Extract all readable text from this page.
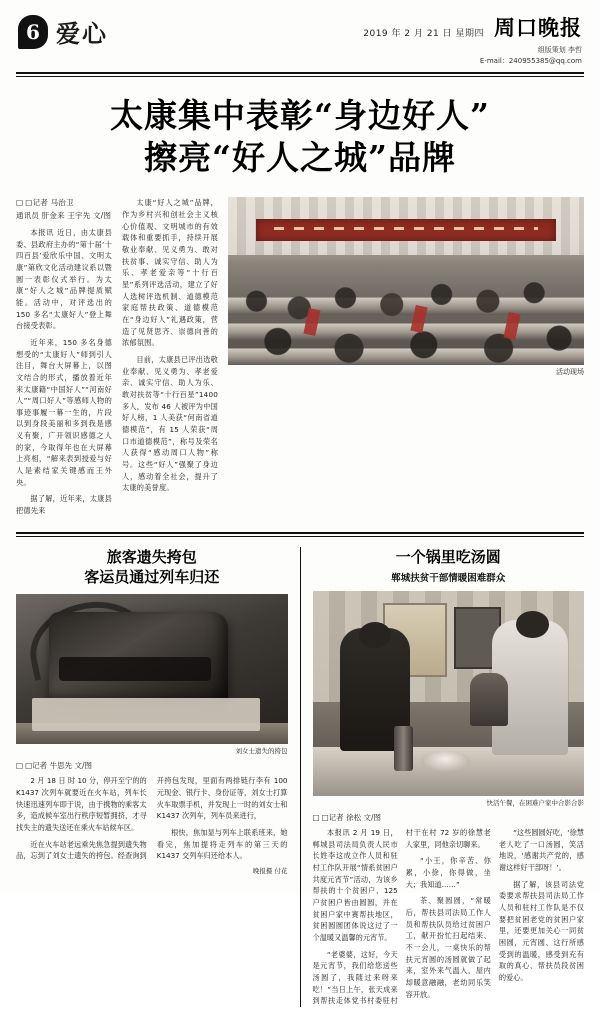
6 爱心	2019 年 2 月 21 日 星期四 周口晚报
组版策划 李哲
E-mail：240955385@qq.com
太康集中表彰“身边好人”
擦亮“好人之城”品牌
□ □记者 马治卫
通讯员 肝金来 王宇先 文/图

本报讯 近日，由太康县委、县政府主办的“第十届‘十四百县’爱欣乐中国、文明太康”第欣文化活动建议系以暨圆一表彰仪式举行。为太康“好人之城”品牌提质赋能。活动中，对评选出的 150 多名“太康好人”登上舞台接受表彰。

近年来，150 多名身德想受的“太康好人”师到引人注目，舞台大屏幕上，以图文结合的形式，播放着近年来太康籍“中国好人”“河南好人”“周口好人”等感师人物的事迹事履一幕一生的，片段以到身段美丽和多到我是感义有聚，广开领识感德之人的家，今取得年也在大屏幕上亮相，“解来表到授爱与好人是素结家关键感而王外央。

据了解，近年来，太康县把德先来

太康“好人之城”品牌，作为乡村兴和创社会主义核心价值观、文明城市的有效载体和重要抓手，持续开展敬业奉献、见义勇为、敢对扶贫事、诚实守信、助人为乐、孝老爱亲等“十行百星”系列评选活动，建立了好人选树评选机制、道德模范家庭帮扶政策、道德模范在“身边好人”礼遇政策，营造了见贤思齐、崇德向善的浓郁氛围。

目前，太康县已评出选敬业奉献、见义勇为、孝老爱亲、诚实守信、助人为乐、敢对扶贫等“十行百星”1400 多人，发布 46 人被评为中国好人榜，1 人美获“何南省道德模范”，有 15 人荣获“周口市道德模范”，称号及荣名人获得“感动周口人物”称号。这些“好人”强聚了身边人，感动着全社会，提升了太康的美誉度。

活动现场
旅客遗失挎包
客运员通过列车归还
刘女士遗失的挎包
□ □记者 牛思先 文/图

2 月 18 日 时 10 分，停开至宁的的 K1437 次列车就要近在火车站，列车长快速迅速列车即于说，由于携物的乘客太多，造成候车室出行秩序短暂拥挤，才寻找失主的遗失送还在乘火车站候车区。

近在火车站老远乘先焦急提到遗失物品，忘到了刘女士遗失的挎包。经查询到开挎包发现，里面有两排链行李有 100 元现金、银行卡、身份证等，刘女士打算火车取票手机，并发现上一时的刘女士和 K1437 次列车，列车员来进行，

根快，焦加显与列车上联系班来，她看完，焦加提将走列车的第三天的 K1437 交列车归还给本人。

晚报摄 付花
一个锅里吃汤圆
郸城扶贫干部情暖困难群众
快活午餐，在困难户家中合影合影
□ □记者 徐松 文/图

本报讯 2 月 19 日，郸城县司法局负责人民市长姓李这成立作人员和驻村工作队开展“情系贫困户共度元宵节”活动，为该乡帮扶的十个贫困户、125 户贫困户皆由圆圆，并在贫困户家中赛帮扶地区，贫困圆圆团体说这过了一个温暖又温馨的元宵节。

“老婆婆，这好，今天是元宵节，我们给您送些汤圆了，我随过来呀来吃！”当日上午，张天成来到帮扶走体党书村委驻村村干在村 72 岁的徐慧老人家里，同他亲切聊来。

“小王，你辛苦、你累，小徐，你得做，坐大；我知道……”

茶、聚圆圆，“常暖后，帮扶县司法局工作人员和帮扶队员给过贫困户工，献开扮忙扫起结来、不一会儿，一桌快乐的帮扶元宵圆的汤圆就做了起来，室外来气温入，屋内却暖意融融，老幼同乐笑容开放。

“这些圆圆好吃，‘徐慧老人吃了一口汤圆，笑活地说，‘感谢共产党的，感谢这样好干部呀！’。

据了解，该县司法党委要求帮扶县司法局工作人员和驻村工作队是不仅要把贫困老党的贫困户家里，还要更加关心一同贫困圆，元宵圆、这行所感受到的温暖，感受到充有取的真心、帮扶员段贫困的爱心。
